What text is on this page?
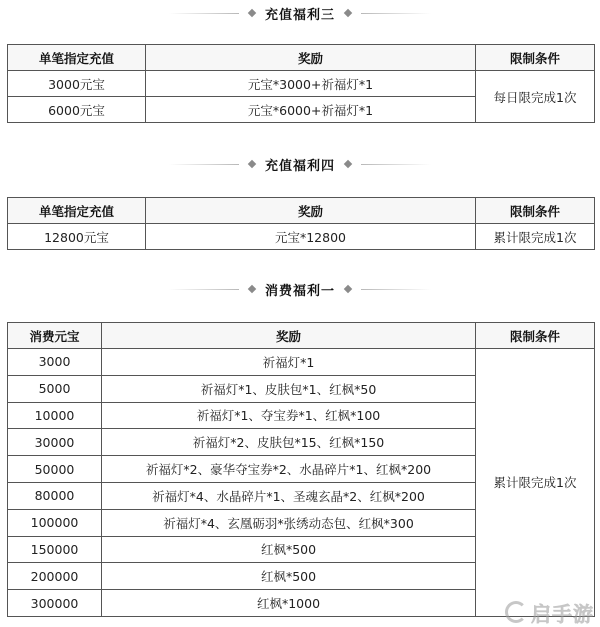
充值福利三
单笔指定充值	奖励	限制条件
3000元宝	元宝*3000+祈福灯*1	每日限完成1次
6000元宝	元宝*6000+祈福灯*1	
充值福利四
单笔指定充值	奖励	限制条件
12800元宝	元宝*12800	累计限完成1次
消费福利一
消费元宝	奖励	限制条件
3000	祈福灯*1	累计限完成1次
5000	祈福灯*1、皮肤包*1、红枫*50	
10000	祈福灯*1、夺宝券*1、红枫*100	
30000	祈福灯*2、皮肤包*15、红枫*150	
50000	祈福灯*2、豪华夺宝券*2、水晶碎片*1、红枫*200	
80000	祈福灯*4、水晶碎片*1、圣魂玄晶*2、红枫*200	
100000	祈福灯*4、玄凰砺羽*张绣动态包、红枫*300	
150000	红枫*500	
200000	红枫*500	
300000	红枫*1000		启手游
